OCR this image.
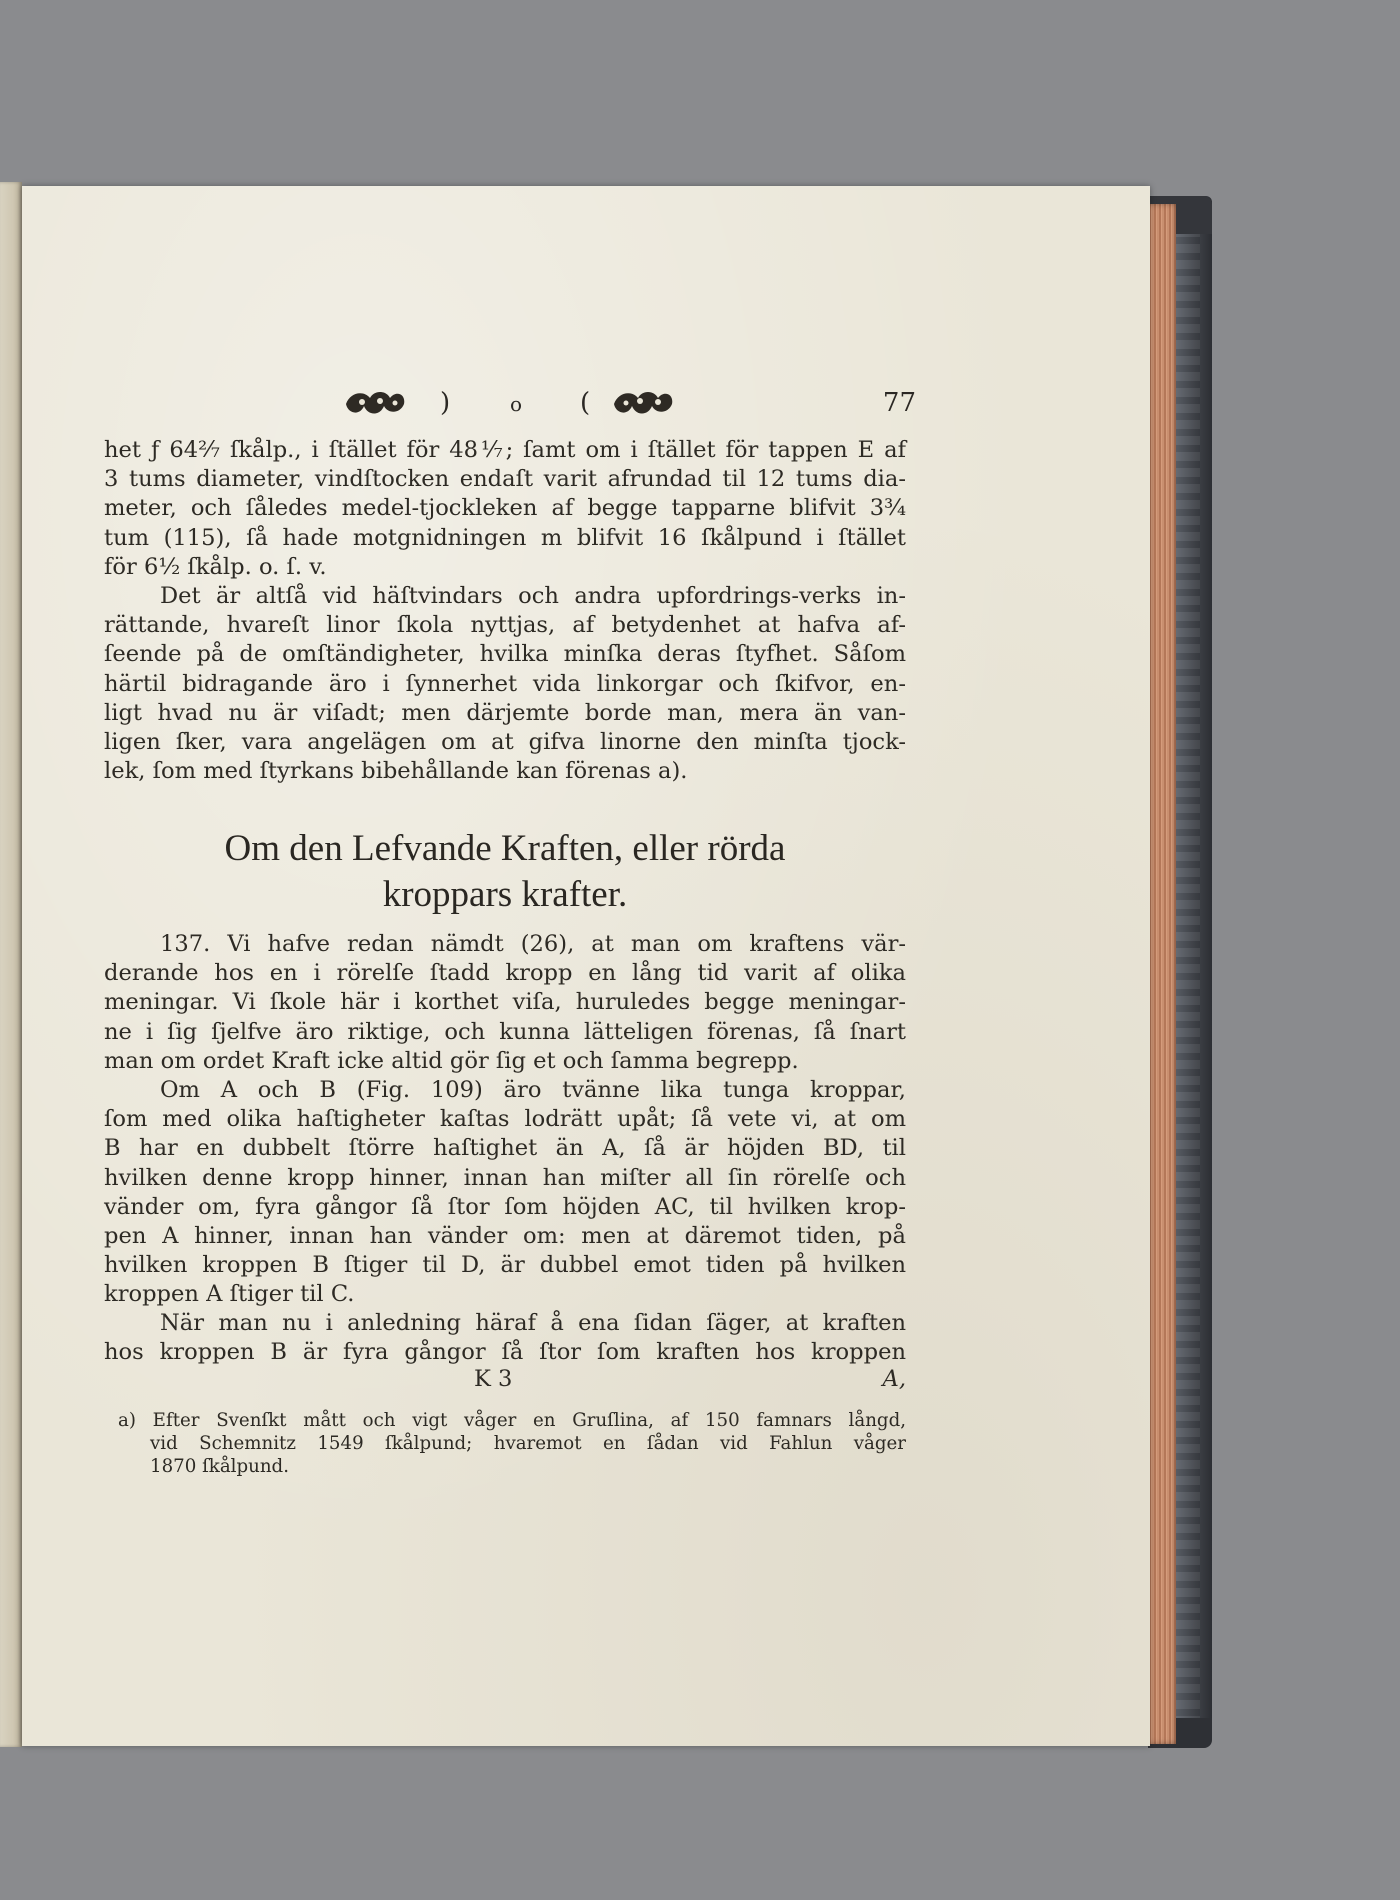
)	o (	77
het ƒ 64²⁄₇ ſkålp., i ſtället för 48⅐; ſamt om i ſtället för tappen E af
3 tums diameter, vindſtocken endaſt varit afrundad til 12 tums dia-
meter, och ſåledes medel-tjockleken af begge tapparne blifvit 3¾
tum (115), ſå hade motgnidningen m blifvit 16 ſkålpund i ſtället
för 6½ ſkålp. o. ſ. v.
Det är altſå vid häſtvindars och andra upfordrings-verks in-
rättande, hvareſt linor ſkola nyttjas, af betydenhet at hafva af-
ſeende på de omſtändigheter, hvilka minſka deras ſtyfhet. Såſom
härtil bidragande äro i ſynnerhet vida linkorgar och ſkifvor, en-
ligt hvad nu är viſadt; men därjemte borde man, mera än van-
ligen ſker, vara angelägen om at gifva linorne den minſta tjock-
lek, ſom med ſtyrkans bibehållande kan förenas a).
Om den Lefvande Kraften, eller rörda
kroppars krafter.
137. Vi hafve redan nämdt (26), at man om kraftens vär-
derande hos en i rörelſe ſtadd kropp en lång tid varit af olika
meningar. Vi ſkole här i korthet viſa, huruledes begge meningar-
ne i ſig ſjelfve äro riktige, och kunna lätteligen förenas, ſå ſnart
man om ordet Kraft icke altid gör ſig et och ſamma begrepp.
Om A och B (Fig. 109) äro tvänne lika tunga kroppar,
ſom med olika haſtigheter kaſtas lodrätt upåt; ſå vete vi, at om
B har en dubbelt ſtörre haſtighet än A, ſå är höjden BD, til
hvilken denne kropp hinner, innan han miſter all ſin rörelſe och
vänder om, fyra gångor ſå ſtor ſom höjden AC, til hvilken krop-
pen A hinner, innan han vänder om: men at däremot tiden, på
hvilken kroppen B ſtiger til D, är dubbel emot tiden på hvilken
kroppen A ſtiger til C.
När man nu i anledning häraf å ena ſidan ſäger, at kraften
hos kroppen B är fyra gångor ſå ſtor ſom kraften hos kroppen
K 3	A,
a) Efter Svenſkt mått och vigt våger en Gruſlina, af 150 famnars långd,
vid Schemnitz 1549 ſkålpund; hvaremot en ſådan vid Fahlun våger
1870 ſkålpund.
